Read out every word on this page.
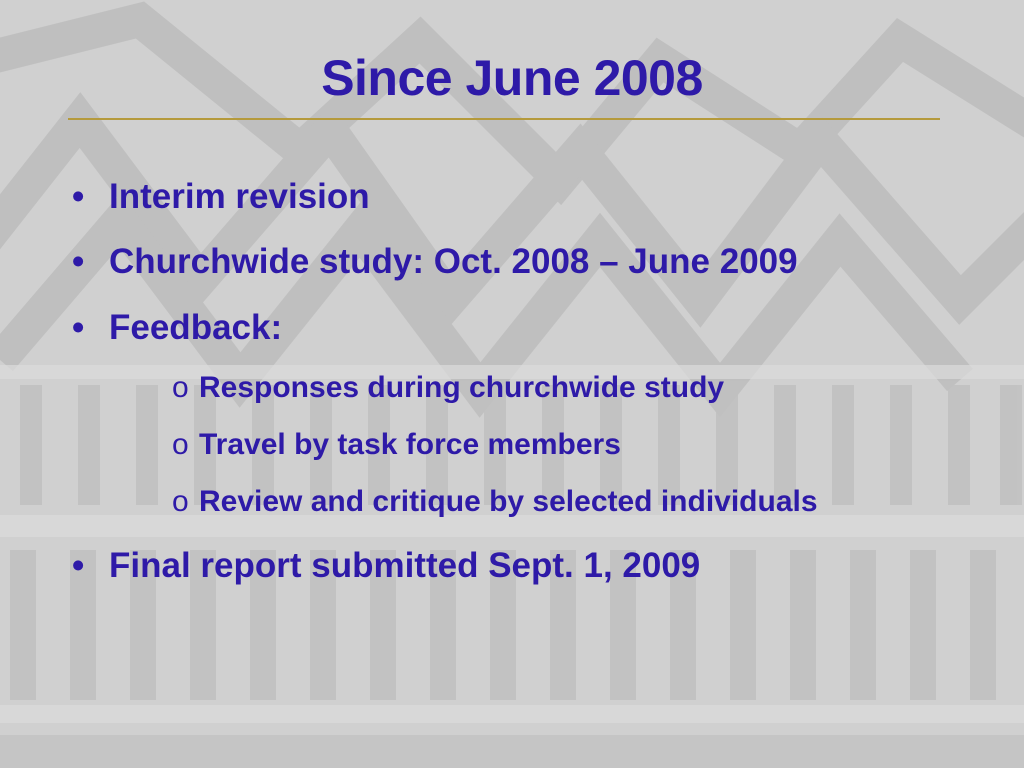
Since June 2008
• Interim revision
• Churchwide study: Oct. 2008 – June 2009
• Feedback:
o Responses during churchwide study
o Travel by task force members
o Review and critique by selected individuals
• Final report submitted Sept. 1, 2009
